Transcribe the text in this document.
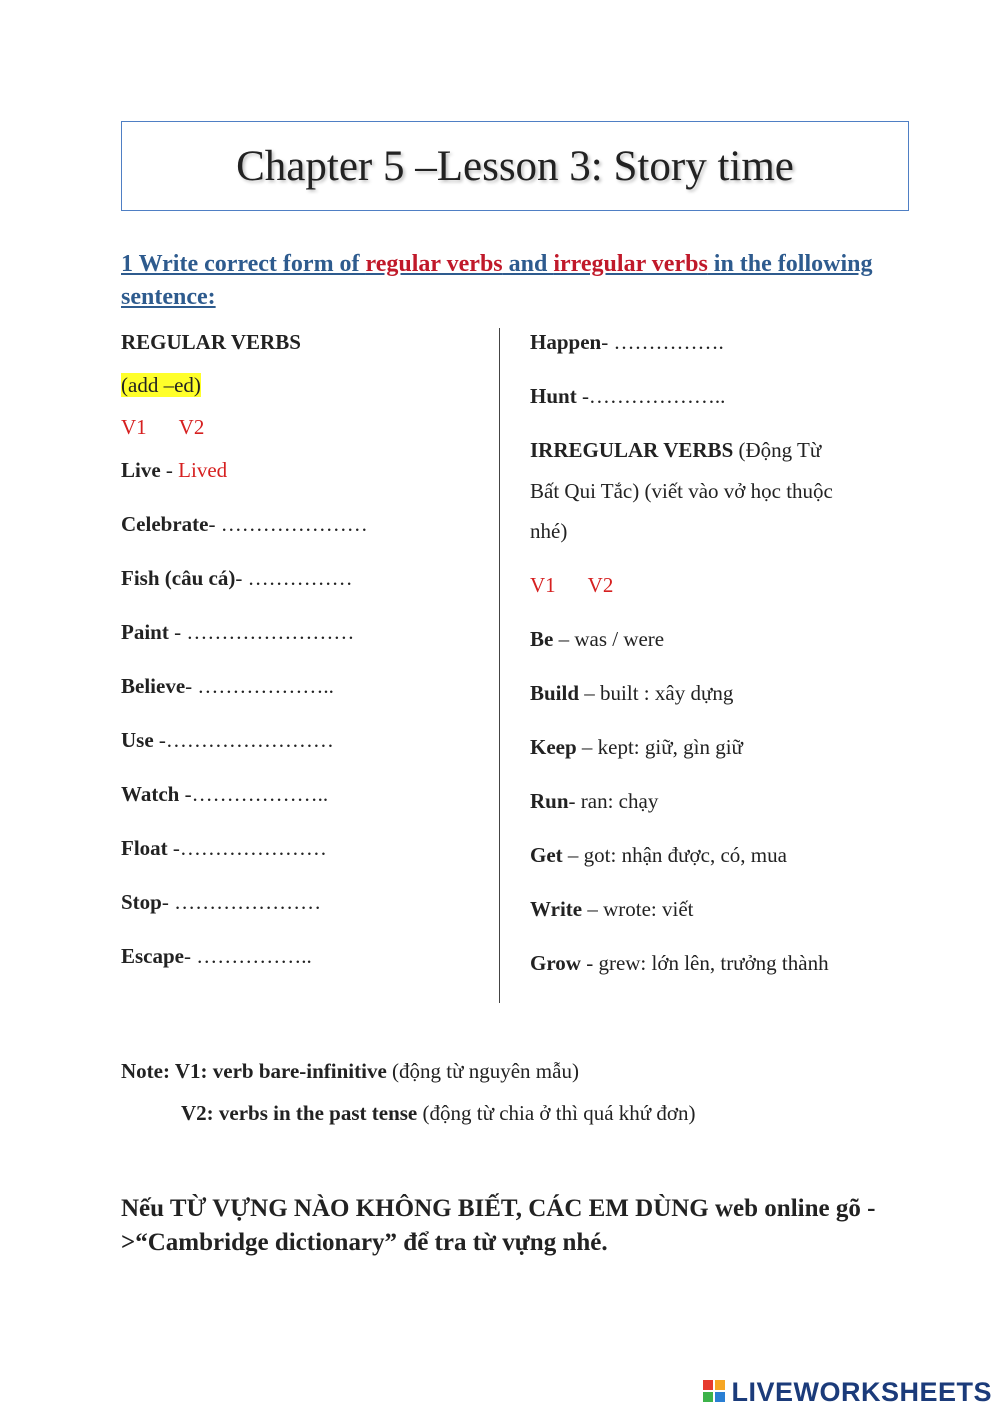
Chapter 5 –Lesson 3: Story time
1 Write correct form of regular verbs and irregular verbs in the following sentence:
REGULAR VERBS
(add –ed)
V1 V2
Live - Lived
Celebrate- …………………
Fish (câu cá)- ……………
Paint - ……………………
Believe- ………………..
Use -……………………
Watch -………………..
Float -…………………
Stop- …………………
Escape- ……………..
Happen- …………….
Hunt -………………..
IRREGULAR VERBS (Động Từ
Bất Qui Tắc) (viết vào vở học thuộc
nhé)
V1 V2
Be – was / were
Build – built : xây dựng
Keep – kept: giữ, gìn giữ
Run- ran: chạy
Get – got: nhận được, có, mua
Write – wrote: viết
Grow - grew: lớn lên, trưởng thành
Note: V1: verb bare-infinitive (động từ nguyên mẫu)
V2: verbs in the past tense (động từ chia ở thì quá khứ đơn)
Nếu TỪ VỰNG NÀO KHÔNG BIẾT, CÁC EM DÙNG web online gõ ->“Cambridge dictionary” để tra từ vựng nhé.
LIVEWORKSHEETS
